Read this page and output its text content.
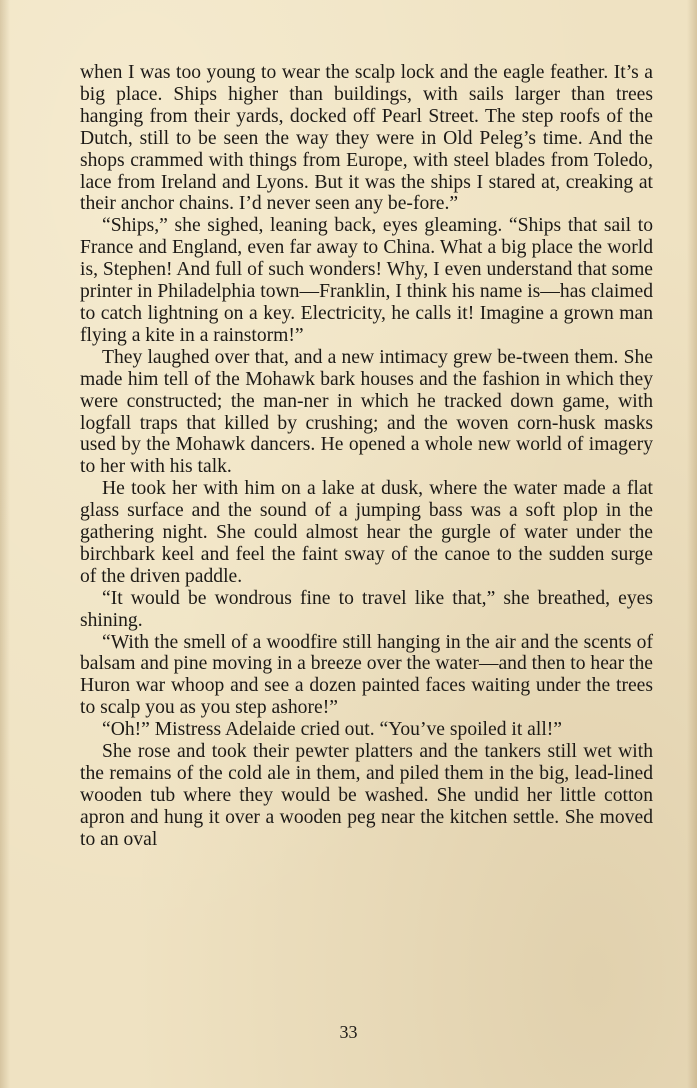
when I was too young to wear the scalp lock and the eagle feather. It’s a big place. Ships higher than buildings, with sails larger than trees hanging from their yards, docked off Pearl Street. The step roofs of the Dutch, still to be seen the way they were in Old Peleg’s time. And the shops crammed with things from Europe, with steel blades from Toledo, lace from Ireland and Lyons. But it was the ships I stared at, creaking at their anchor chains. I’d never seen any be-fore.”

“Ships,” she sighed, leaning back, eyes gleaming. “Ships that sail to France and England, even far away to China. What a big place the world is, Stephen! And full of such wonders! Why, I even understand that some printer in Philadelphia town—Franklin, I think his name is—has claimed to catch lightning on a key. Electricity, he calls it! Imagine a grown man flying a kite in a rainstorm!”

They laughed over that, and a new intimacy grew be-tween them. She made him tell of the Mohawk bark houses and the fashion in which they were constructed; the man-ner in which he tracked down game, with logfall traps that killed by crushing; and the woven corn-husk masks used by the Mohawk dancers. He opened a whole new world of imagery to her with his talk.

He took her with him on a lake at dusk, where the water made a flat glass surface and the sound of a jumping bass was a soft plop in the gathering night. She could almost hear the gurgle of water under the birchbark keel and feel the faint sway of the canoe to the sudden surge of the driven paddle.

“It would be wondrous fine to travel like that,” she breathed, eyes shining.

“With the smell of a woodfire still hanging in the air and the scents of balsam and pine moving in a breeze over the water—and then to hear the Huron war whoop and see a dozen painted faces waiting under the trees to scalp you as you step ashore!”

“Oh!” Mistress Adelaide cried out. “You’ve spoiled it all!”

She rose and took their pewter platters and the tankers still wet with the remains of the cold ale in them, and piled them in the big, lead-lined wooden tub where they would be washed. She undid her little cotton apron and hung it over a wooden peg near the kitchen settle. She moved to an oval

33
